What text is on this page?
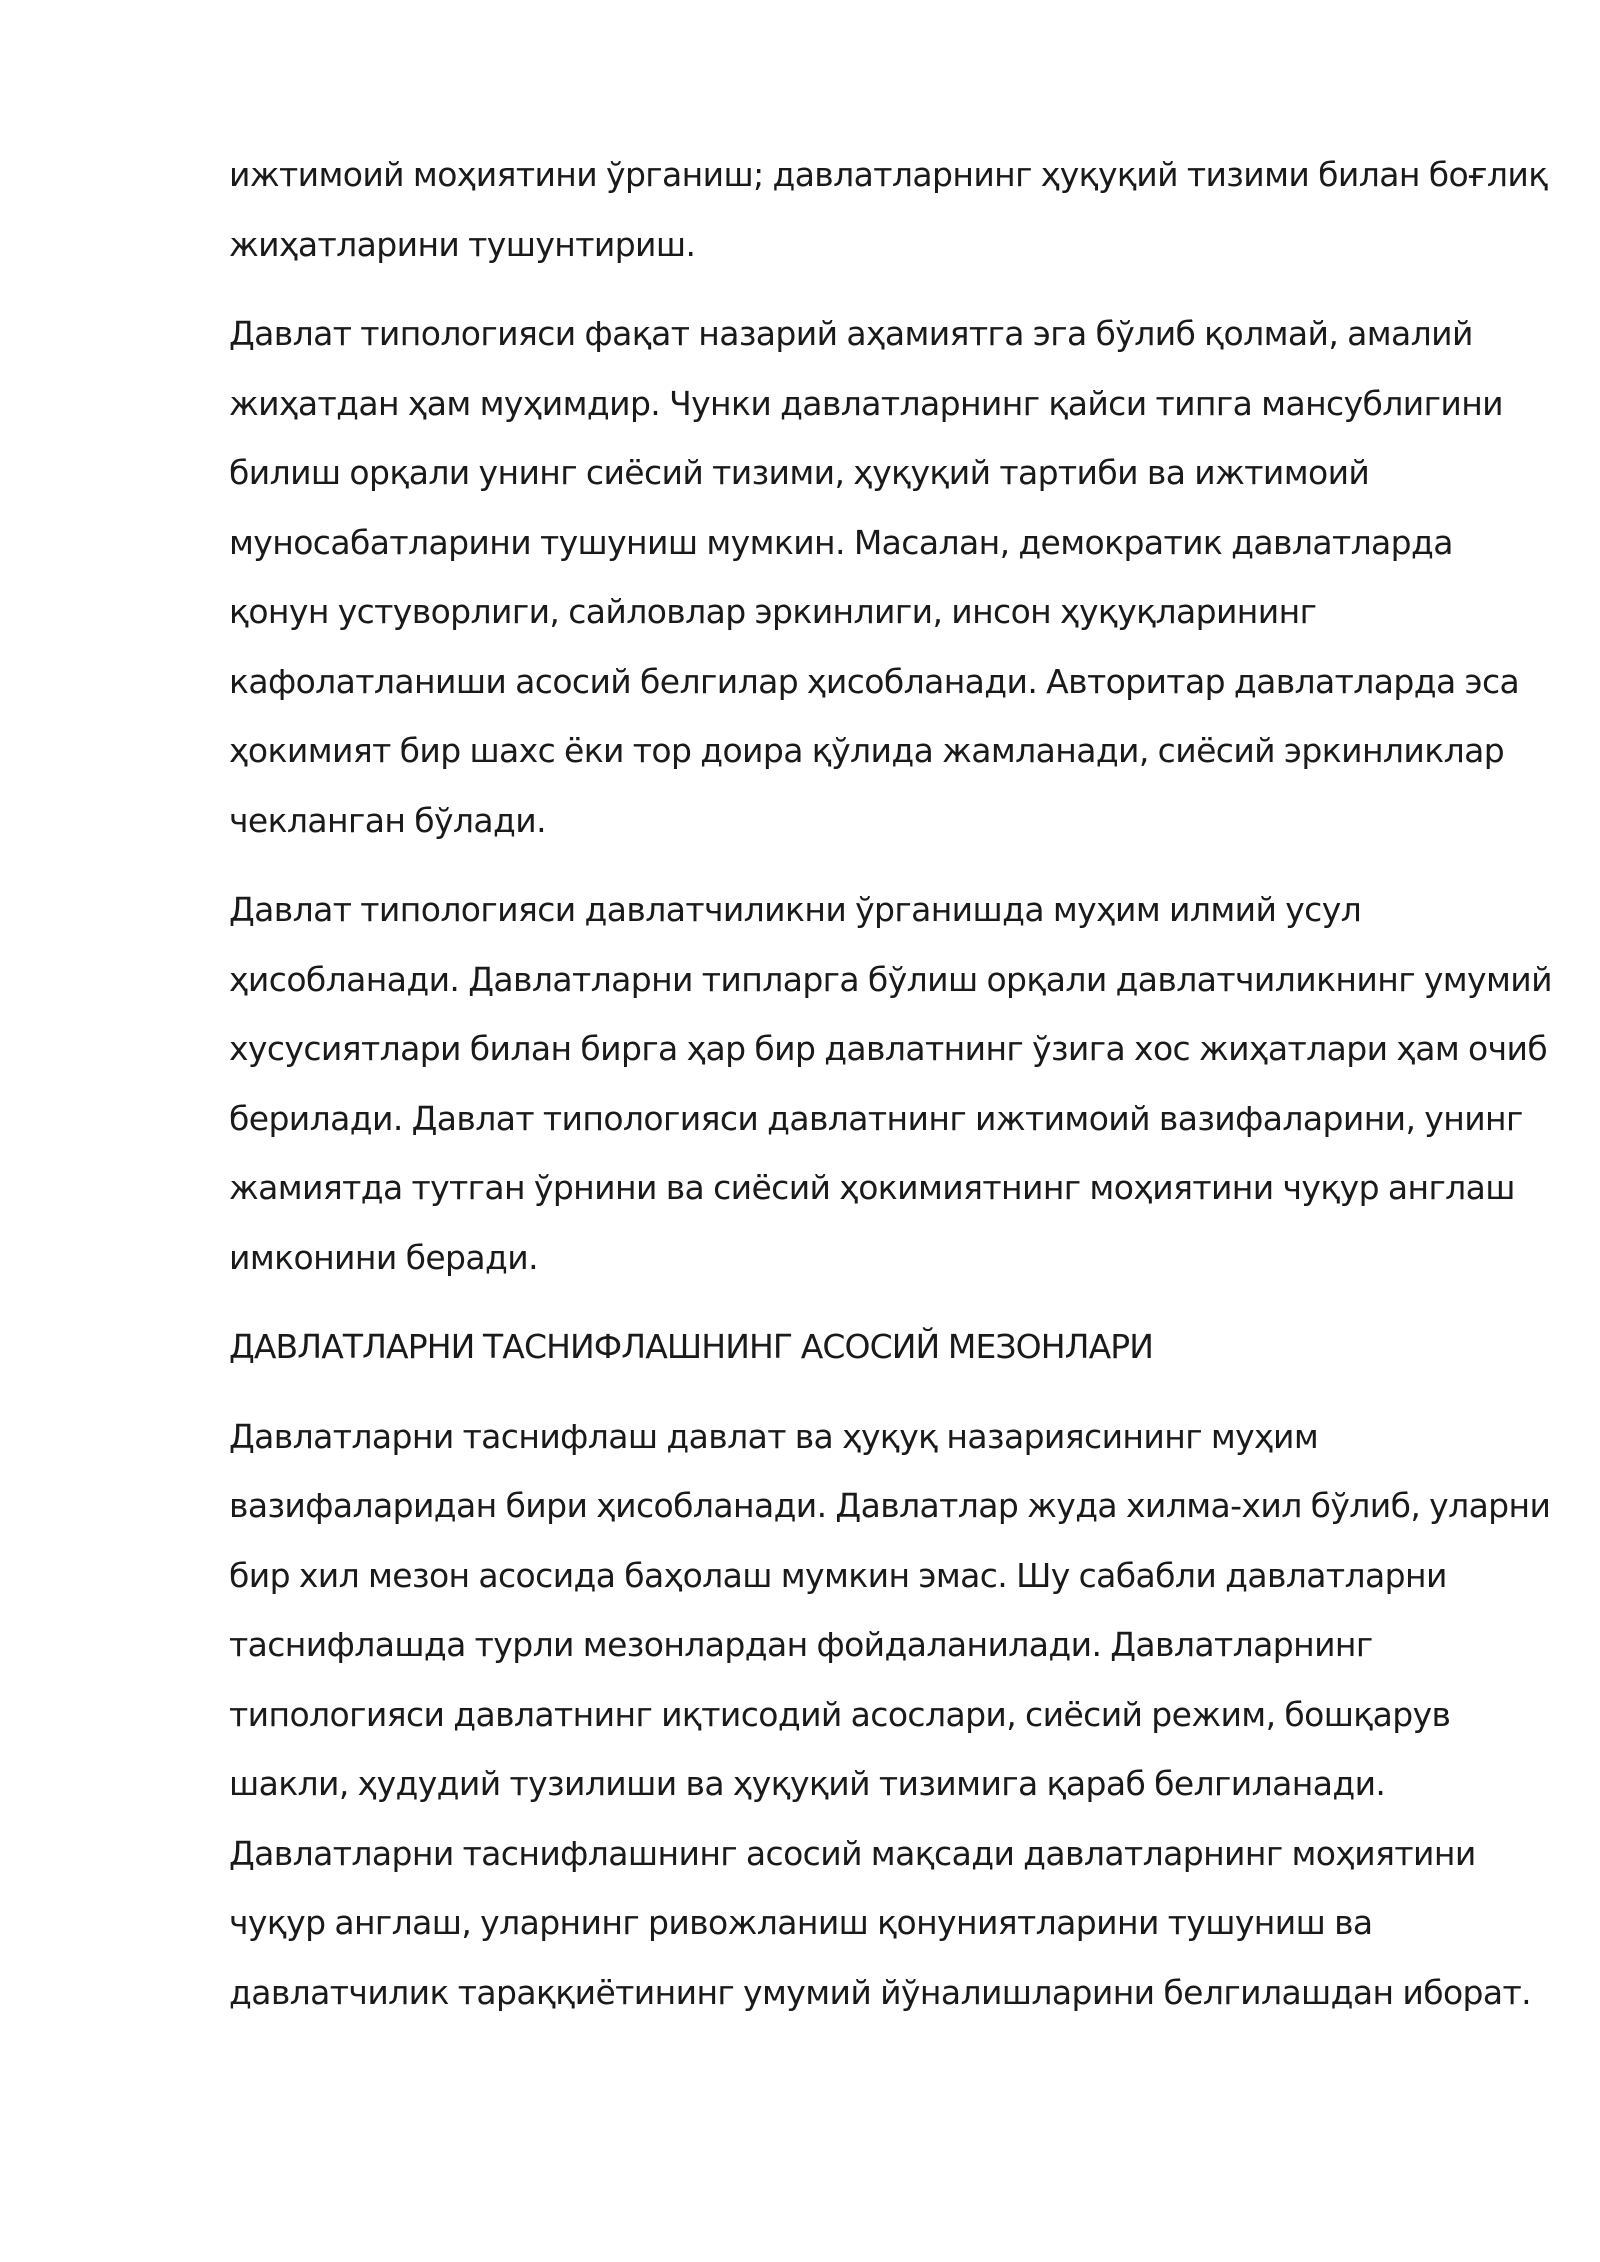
ижтимоий моҳиятини ўрганиш; давлатларнинг ҳуқуқий тизими билан боғлиқ
жиҳатларини тушунтириш.

Давлат типологияси фақат назарий аҳамиятга эга бўлиб қолмай, амалий
жиҳатдан ҳам муҳимдир. Чунки давлатларнинг қайси типга мансублигини
билиш орқали унинг сиёсий тизими, ҳуқуқий тартиби ва ижтимоий
муносабатларини тушуниш мумкин. Масалан, демократик давлатларда
қонун устуворлиги, сайловлар эркинлиги, инсон ҳуқуқларининг
кафолатланиши асосий белгилар ҳисобланади. Авторитар давлатларда эса
ҳокимият бир шахс ёки тор доира қўлида жамланади, сиёсий эркинликлар
чекланган бўлади.

Давлат типологияси давлатчиликни ўрганишда муҳим илмий усул
ҳисобланади. Давлатларни типларга бўлиш орқали давлатчиликнинг умумий
хусусиятлари билан бирга ҳар бир давлатнинг ўзига хос жиҳатлари ҳам очиб
берилади. Давлат типологияси давлатнинг ижтимоий вазифаларини, унинг
жамиятда тутган ўрнини ва сиёсий ҳокимиятнинг моҳиятини чуқур англаш
имконини беради.

ДАВЛАТЛАРНИ ТАСНИФЛАШНИНГ АСОСИЙ МЕЗОНЛАРИ

Давлатларни таснифлаш давлат ва ҳуқуқ назариясининг муҳим
вазифаларидан бири ҳисобланади. Давлатлар жуда хилма-хил бўлиб, уларни
бир хил мезон асосида баҳолаш мумкин эмас. Шу сабабли давлатларни
таснифлашда турли мезонлардан фойдаланилади. Давлатларнинг
типологияси давлатнинг иқтисодий асослари, сиёсий режим, бошқарув
шакли, ҳудудий тузилиши ва ҳуқуқий тизимига қараб белгиланади.
Давлатларни таснифлашнинг асосий мақсади давлатларнинг моҳиятини
чуқур англаш, уларнинг ривожланиш қонуниятларини тушуниш ва
давлатчилик тараққиётининг умумий йўналишларини белгилашдан иборат.
